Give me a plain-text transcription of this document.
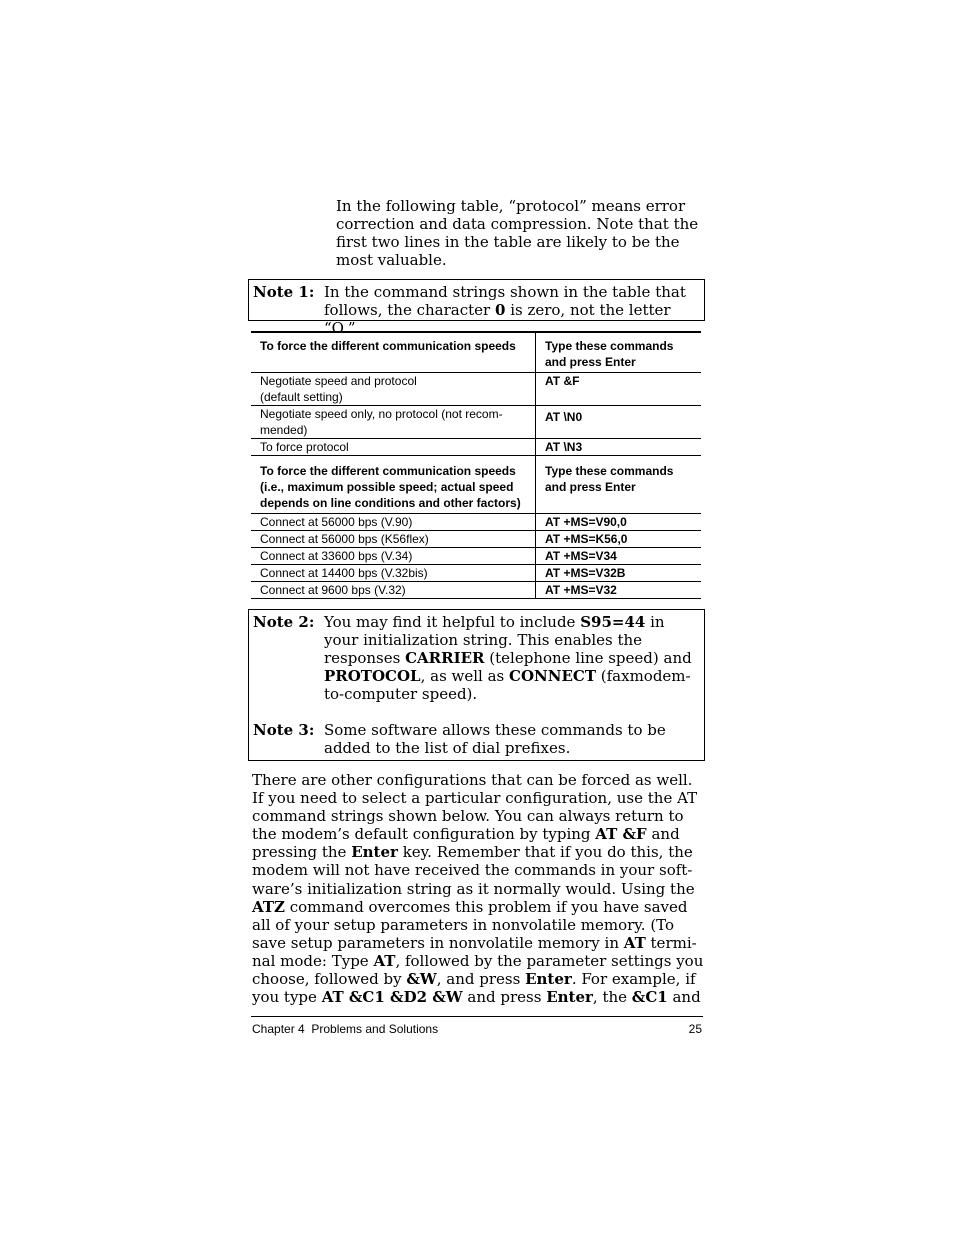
In the following table, “protocol” means error correction and data compression. Note that the first two lines in the table are likely to be the most valuable.
Note 1: In the command strings shown in the table that follows, the character 0 is zero, not the letter “O.”
To force the different communication speeds	Type these commands and press Enter
Negotiate speed and protocol
(default setting)	AT &F
Negotiate speed only, no protocol (not recom-
mended)	AT \N0
To force protocol	AT \N3
To force the different communication speeds (i.e., maximum possible speed; actual speed depends on line conditions and other factors)	Type these commands and press Enter
Connect at 56000 bps (V.90)	AT +MS=V90,0
Connect at 56000 bps (K56flex)	AT +MS=K56,0
Connect at 33600 bps (V.34)	AT +MS=V34
Connect at 14400 bps (V.32bis)	AT +MS=V32B
Connect at 9600 bps (V.32)	AT +MS=V32
Note 2: You may find it helpful to include S95=44 in your initialization string. This enables the responses CARRIER (telephone line speed) and PROTOCOL, as well as CONNECT (faxmodem-to-computer speed).
Note 3: Some software allows these commands to be added to the list of dial prefixes.
There are other configurations that can be forced as well. If you need to select a particular configuration, use the AT command strings shown below. You can always return to the modem’s default configuration by typing AT &F and pressing the Enter key. Remember that if you do this, the modem will not have received the commands in your soft-ware’s initialization string as it normally would. Using the ATZ command overcomes this problem if you have saved all of your setup parameters in nonvolatile memory. (To save setup parameters in nonvolatile memory in AT termi-nal mode: Type AT, followed by the parameter settings you choose, followed by &W, and press Enter. For example, if you type AT &C1 &D2 &W and press Enter, the &C1 and
Chapter 4  Problems and Solutions	25
